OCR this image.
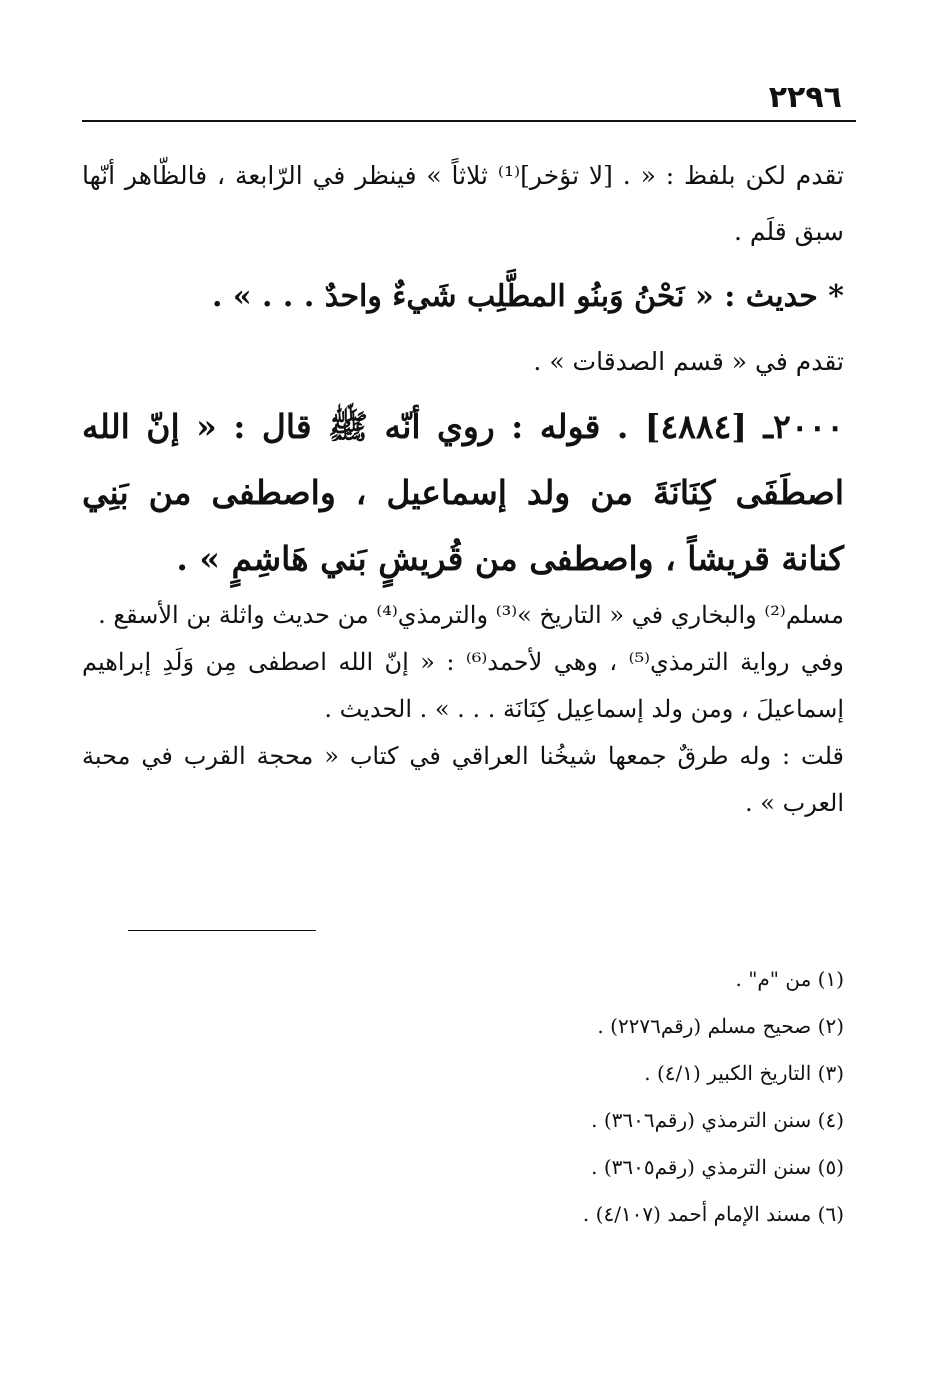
٢٢٩٦

تقدم لكن بلفظ : « . [لا تؤخر]⁽¹⁾ ثلاثاً » فينظر في الرّابعة ، فالظّاهر أنّها سبق قلَم .

* حديث : « نَحْنُ وَبنُو المطَّلِب شَيءٌ واحدٌ . . . » .

تقدم في « قسم الصدقات » .

٢٠٠٠ـ [٤٨٨٤] . قوله : روي أنّه ﷺ قال : « إنّ الله اصطَفَى كِنَانَةَ من ولد إسماعيل ، واصطفى من بَنِي كنانة قريشاً ، واصطفى من قُريشٍ بَني هَاشِمٍ » .

مسلم⁽²⁾ والبخاري في « التاريخ »⁽³⁾ والترمذي⁽⁴⁾ من حديث واثلة بن الأسقع .

وفي رواية الترمذي⁽⁵⁾ ، وهي لأحمد⁽⁶⁾ : « إنّ الله اصطفى مِن وَلَدِ إبراهيم إسماعيلَ ، ومن ولد إسماعِيل كِنَانَة . . . » . الحديث .

قلت : وله طرقٌ جمعها شيخُنا العراقي في كتاب « محجة القرب في محبة العرب » .

(١) من "م" .
(٢) صحيح مسلم (رقم٢٢٧٦) .
(٣) التاريخ الكبير (٤/١) .
(٤) سنن الترمذي (رقم٣٦٠٦) .
(٥) سنن الترمذي (رقم٣٦٠٥) .
(٦) مسند الإمام أحمد (٤/١٠٧) .
